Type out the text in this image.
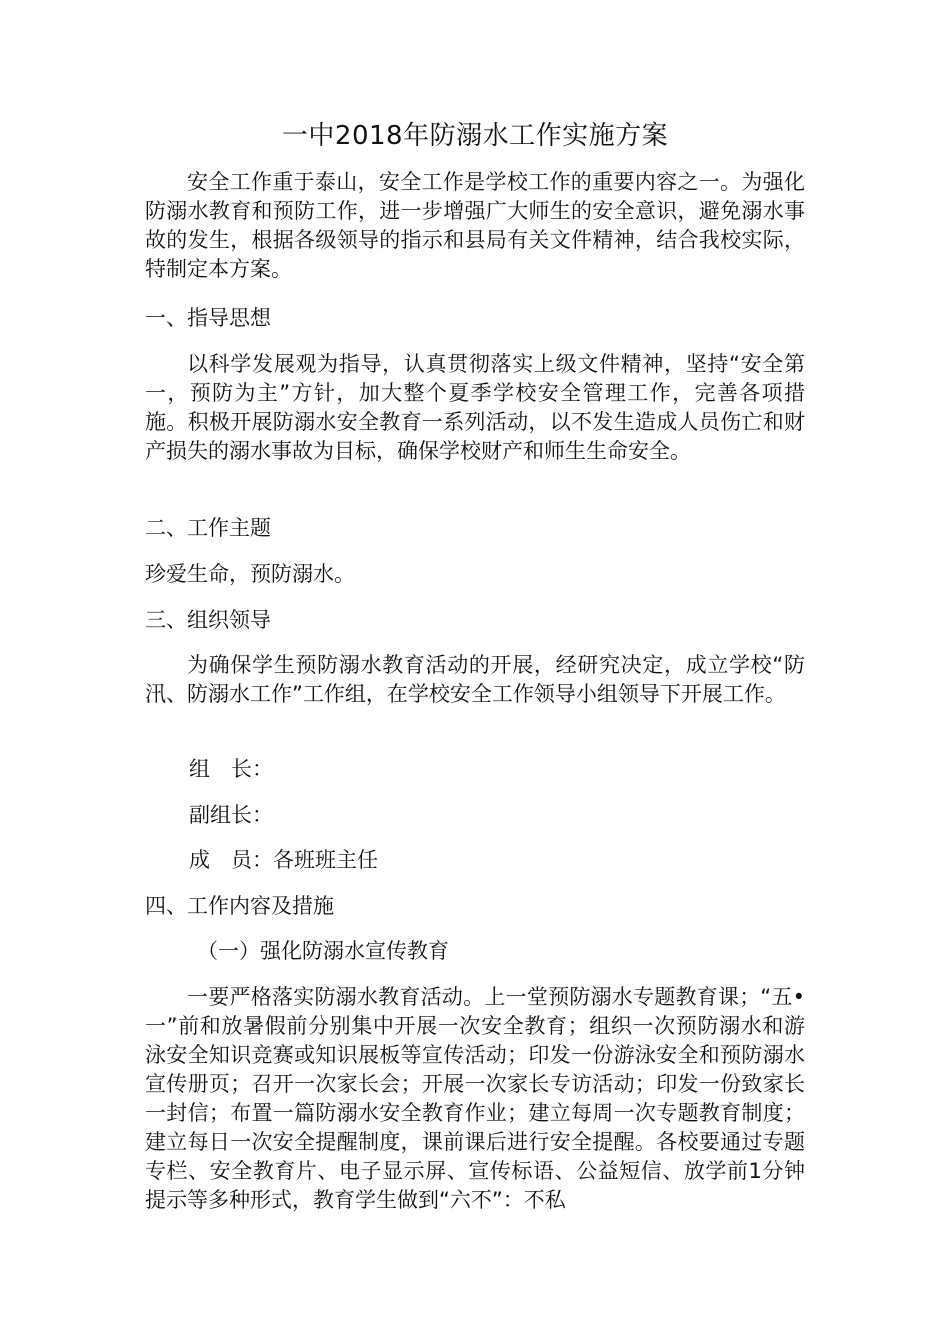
一中2018年防溺水工作实施方案

安全工作重于泰山，安全工作是学校工作的重要内容之一。为强化防溺水教育和预防工作，进一步增强广大师生的安全意识，避免溺水事故的发生，根据各级领导的指示和县局有关文件精神，结合我校实际，特制定本方案。

一、指导思想

以科学发展观为指导，认真贯彻落实上级文件精神，坚持“安全第一，预防为主”方针，加大整个夏季学校安全管理工作，完善各项措施。积极开展防溺水安全教育一系列活动，以不发生造成人员伤亡和财产损失的溺水事故为目标，确保学校财产和师生生命安全。

二、工作主题

珍爱生命，预防溺水。

三、组织领导

为确保学生预防溺水教育活动的开展，经研究决定，成立学校“防汛、防溺水工作”工作组，在学校安全工作领导小组领导下开展工作。

组　长：

副组长：

成　员：各班班主任

四、工作内容及措施

（一）强化防溺水宣传教育

一要严格落实防溺水教育活动。上一堂预防溺水专题教育课；“五•一”前和放暑假前分别集中开展一次安全教育；组织一次预防溺水和游泳安全知识竞赛或知识展板等宣传活动；印发一份游泳安全和预防溺水宣传册页；召开一次家长会；开展一次家长专访活动；印发一份致家长一封信；布置一篇防溺水安全教育作业；建立每周一次专题教育制度；建立每日一次安全提醒制度，课前课后进行安全提醒。各校要通过专题专栏、安全教育片、电子显示屏、宣传标语、公益短信、放学前1分钟提示等多种形式，教育学生做到“六不”：不私
